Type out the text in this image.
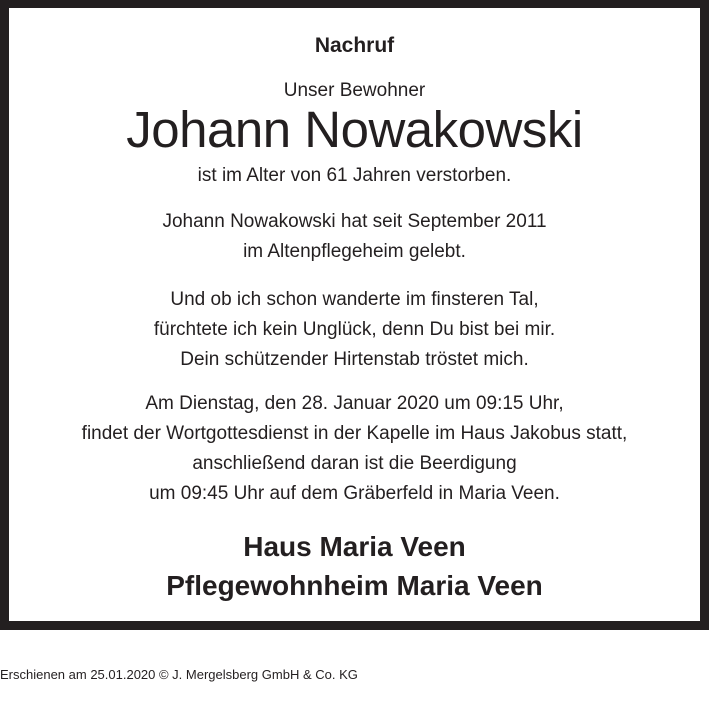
Nachruf
Unser Bewohner
Johann Nowakowski
ist im Alter von 61 Jahren verstorben.
Johann Nowakowski hat seit September 2011
im Altenpflegeheim gelebt.
Und ob ich schon wanderte im finsteren Tal,
fürchtete ich kein Unglück, denn Du bist bei mir.
Dein schützender Hirtenstab tröstet mich.
Am Dienstag, den 28. Januar 2020 um 09:15 Uhr,
findet der Wortgottesdienst in der Kapelle im Haus Jakobus statt,
anschließend daran ist die Beerdigung
um 09:45 Uhr auf dem Gräberfeld in Maria Veen.
Haus Maria Veen
Pflegewohnheim Maria Veen
Erschienen am 25.01.2020 © J. Mergelsberg GmbH & Co. KG
